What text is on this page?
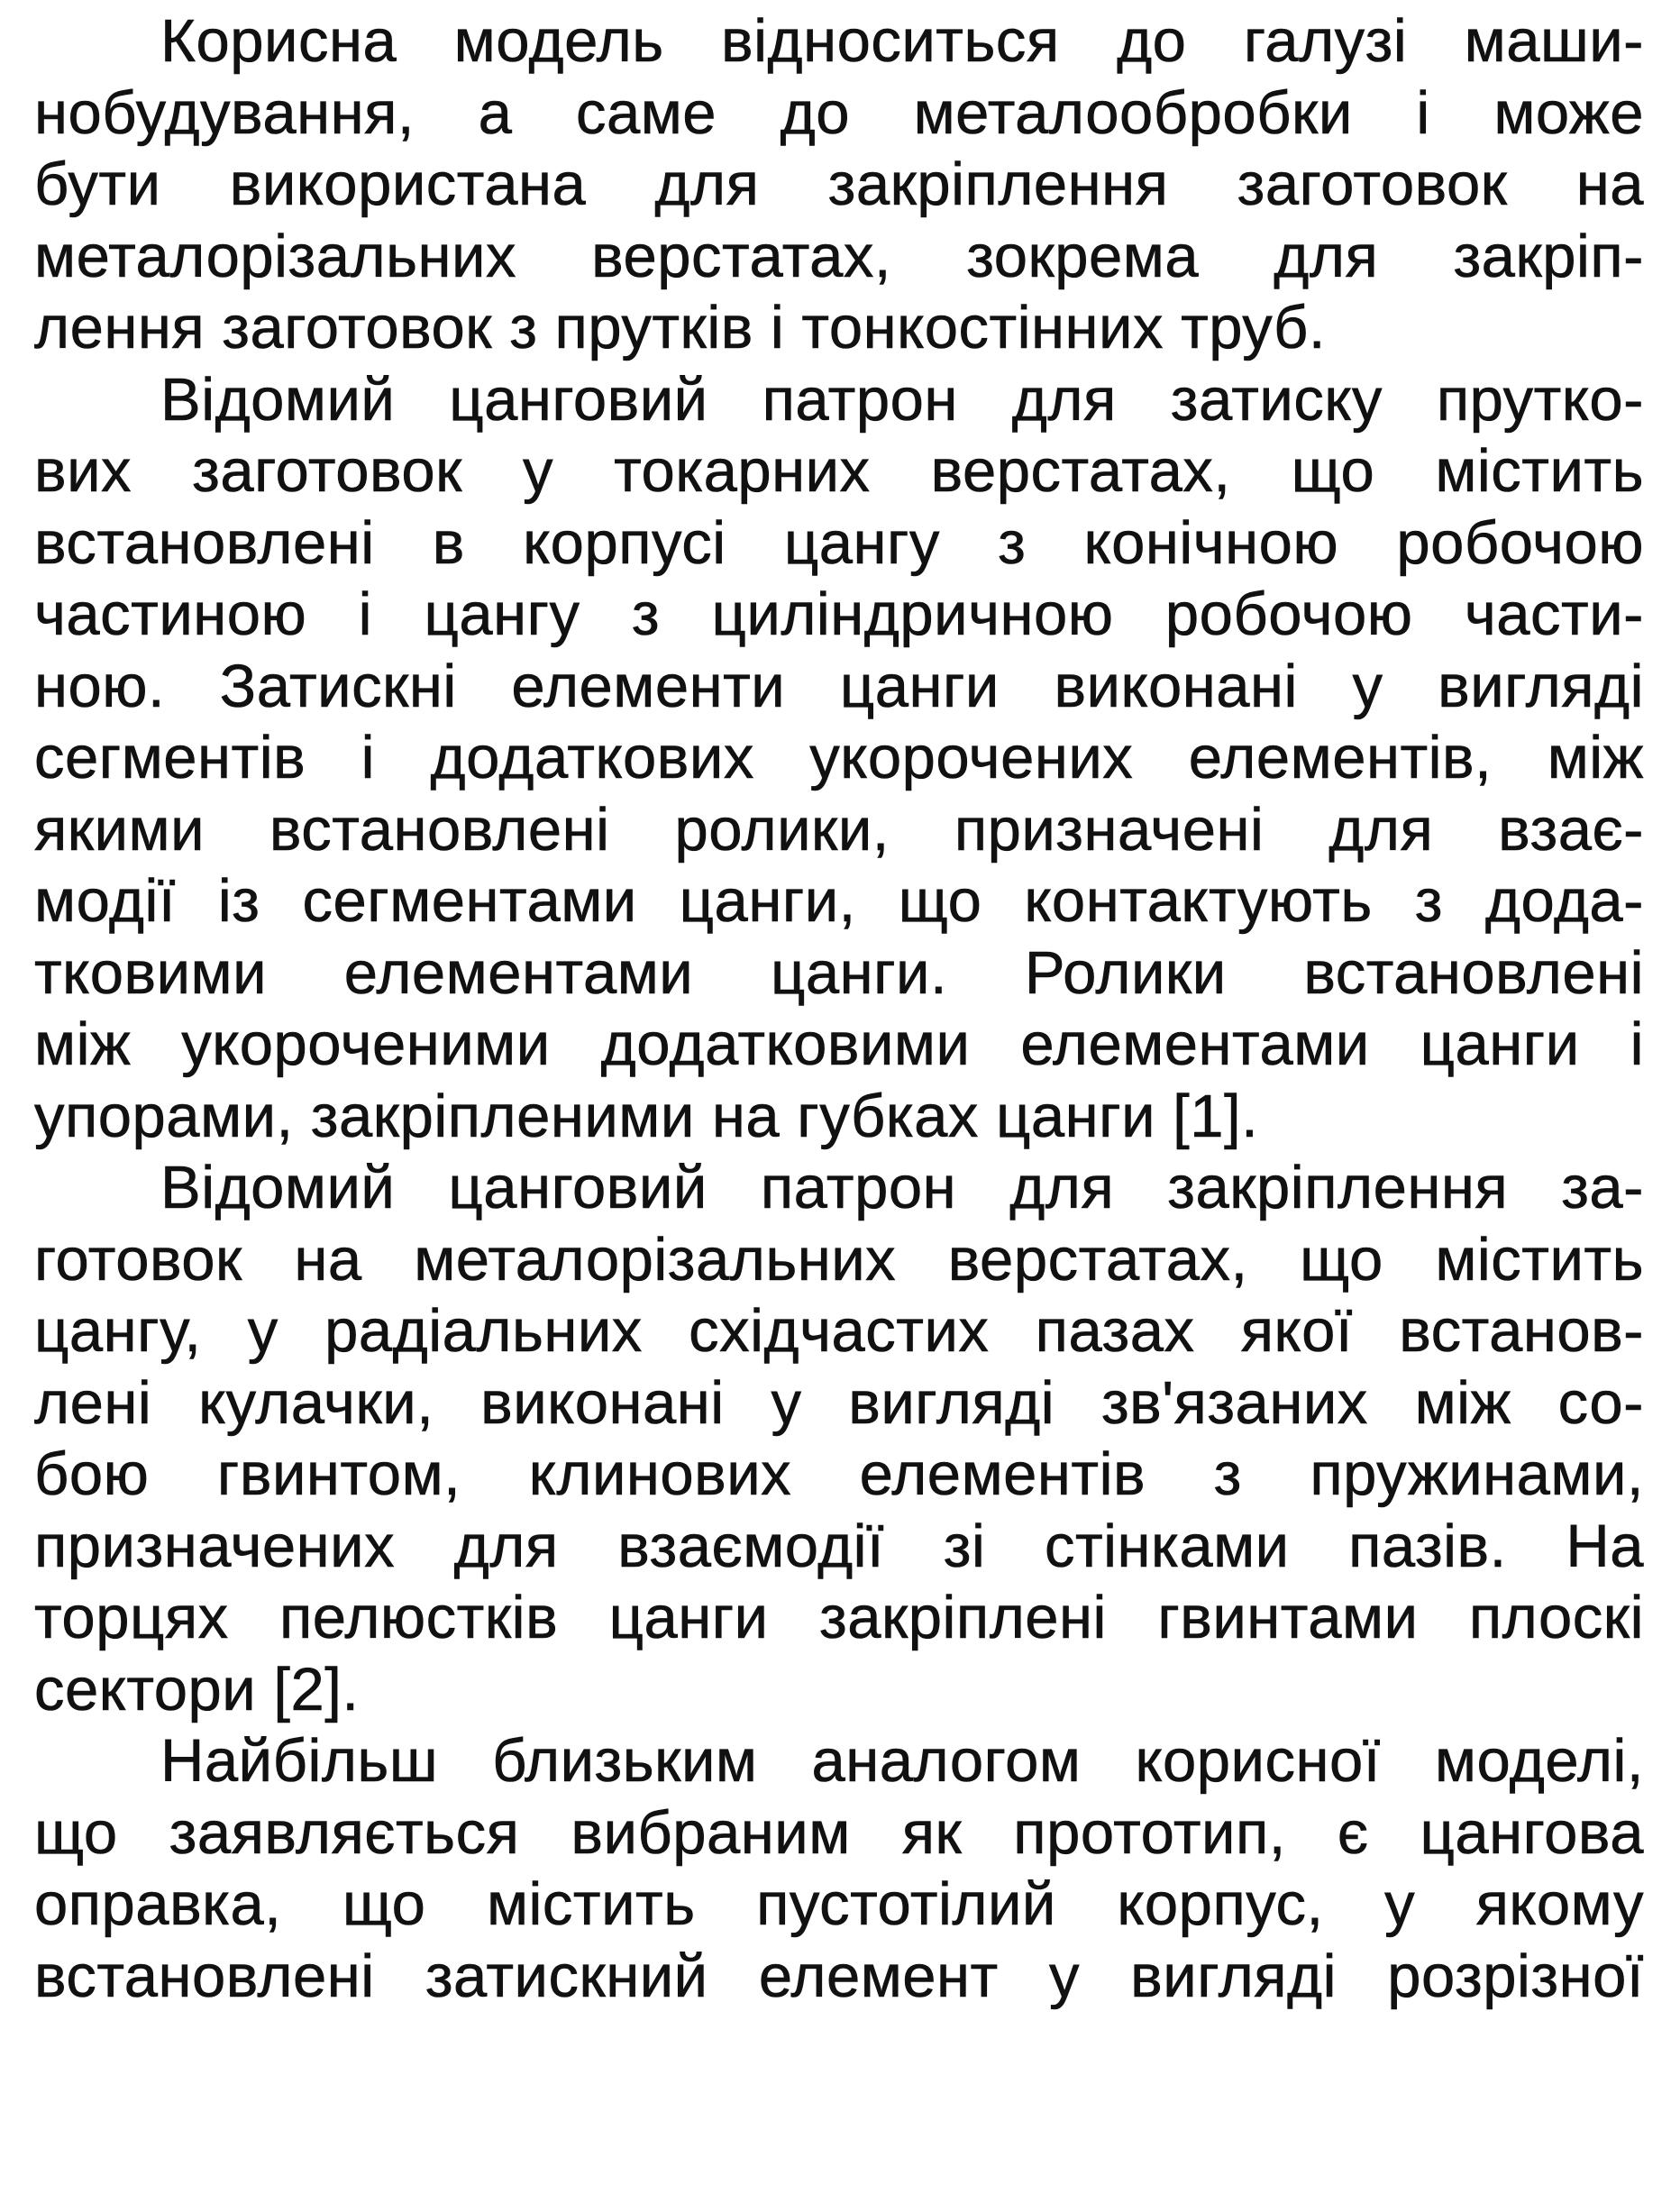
Корисна модель відноситься до галузі маши-
нобудування, а саме до металообробки і може
бути використана для закріплення заготовок на
металорізальних верстатах, зокрема для закріп-
лення заготовок з прутків і тонкостінних труб.
Відомий цанговий патрон для затиску прутко-
вих заготовок у токарних верстатах, що містить
встановлені в корпусі цангу з конічною робочою
частиною і цангу з циліндричною робочою части-
ною. Затискні елементи цанги виконані у вигляді
сегментів і додаткових укорочених елементів, між
якими встановлені ролики, призначені для взає-
модії із сегментами цанги, що контактують з дода-
тковими елементами цанги. Ролики встановлені
між укороченими додатковими елементами цанги і
упорами, закріпленими на губках цанги [1].
Відомий цанговий патрон для закріплення за-
готовок на металорізальних верстатах, що містить
цангу, у радіальних східчастих пазах якої встанов-
лені кулачки, виконані у вигляді зв'язаних між со-
бою гвинтом, клинових елементів з пружинами,
призначених для взаємодії зі стінками пазів. На
торцях пелюстків цанги закріплені гвинтами плоскі
сектори [2].
Найбільш близьким аналогом корисної моделі,
що заявляється вибраним як прототип, є цангова
оправка, що містить пустотілий корпус, у якому
встановлені затискний елемент у вигляді розрізної
